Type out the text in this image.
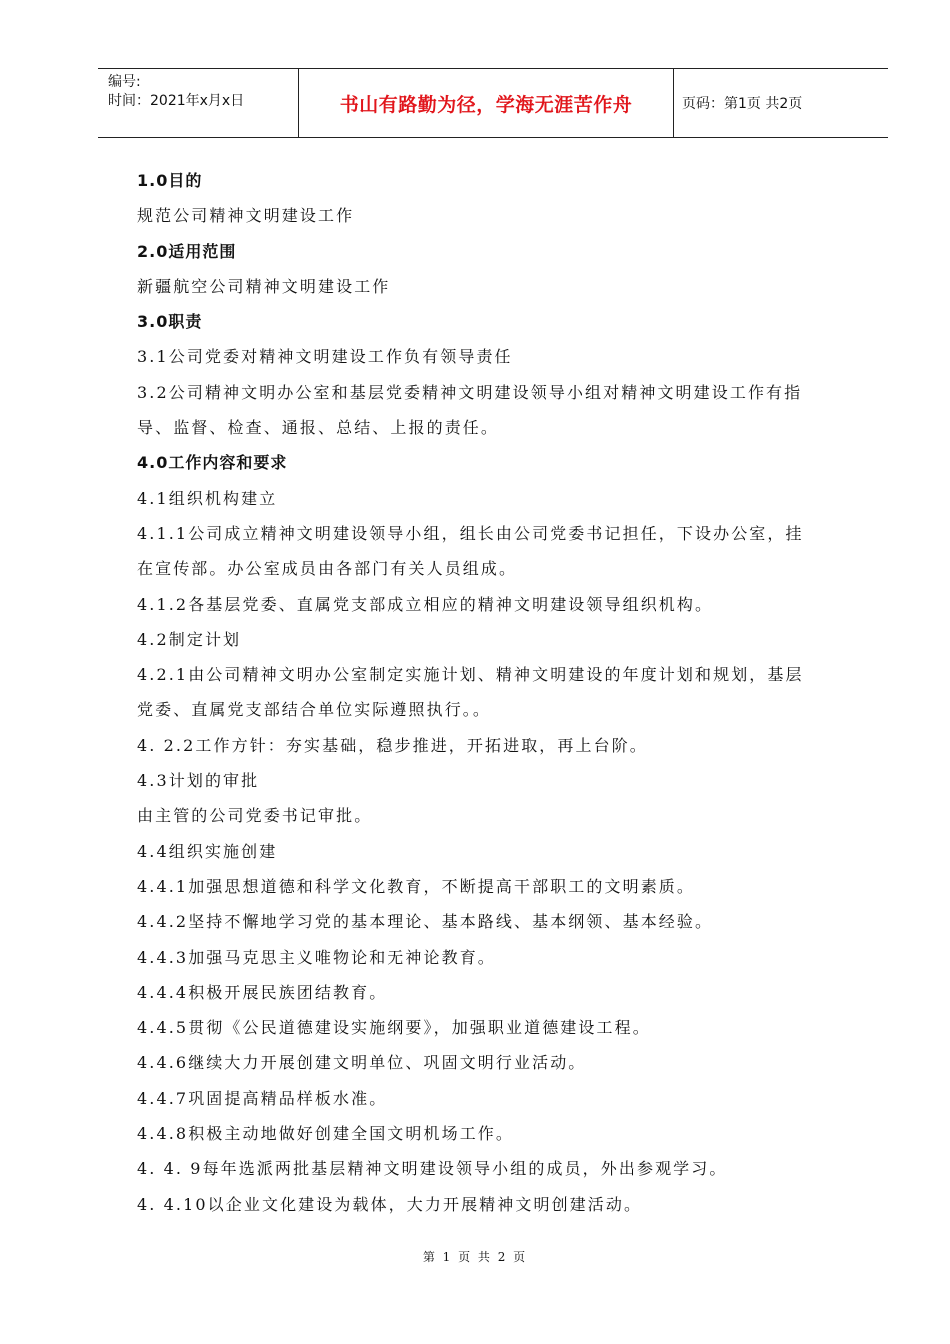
编号:
时间：2021年x月x日	书山有路勤为径，学海无涯苦作舟	页码：第1页 共2页
1.0目的
规范公司精神文明建设工作
2.0适用范围
新疆航空公司精神文明建设工作
3.0职责
3.1公司党委对精神文明建设工作负有领导责任
3.2公司精神文明办公室和基层党委精神文明建设领导小组对精神文明建设工作有指
导、监督、检查、通报、总结、上报的责任。
4.0工作内容和要求
4.1组织机构建立
4.1.1公司成立精神文明建设领导小组，组长由公司党委书记担任，下设办公室，挂
在宣传部。办公室成员由各部门有关人员组成。
4.1.2各基层党委、直属党支部成立相应的精神文明建设领导组织机构。
4.2制定计划
4.2.1由公司精神文明办公室制定实施计划、精神文明建设的年度计划和规划，基层
党委、直属党支部结合单位实际遵照执行。。
4. 2.2工作方针：夯实基础，稳步推进，开拓进取，再上台阶。
4.3计划的审批
由主管的公司党委书记审批。
4.4组织实施创建
4.4.1加强思想道德和科学文化教育，不断提高干部职工的文明素质。
4.4.2坚持不懈地学习党的基本理论、基本路线、基本纲领、基本经验。
4.4.3加强马克思主义唯物论和无神论教育。
4.4.4积极开展民族团结教育。
4.4.5贯彻《公民道德建设实施纲要》，加强职业道德建设工程。
4.4.6继续大力开展创建文明单位、巩固文明行业活动。
4.4.7巩固提高精品样板水准。
4.4.8积极主动地做好创建全国文明机场工作。
4. 4. 9每年选派两批基层精神文明建设领导小组的成员，外出参观学习。
4. 4.10以企业文化建设为载体，大力开展精神文明创建活动。
第 1 页 共 2 页
